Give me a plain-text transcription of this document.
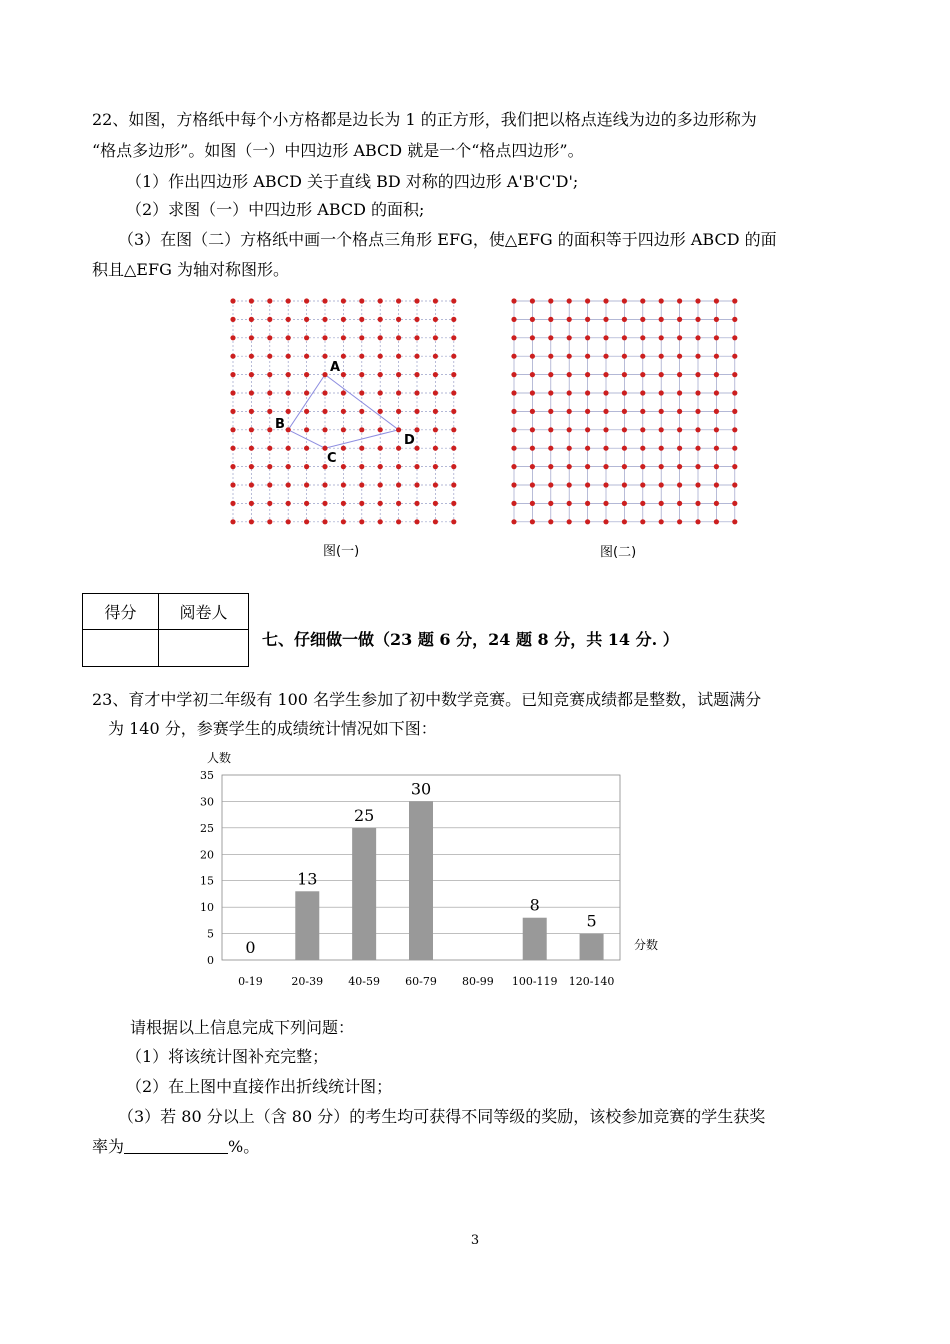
22、如图，方格纸中每个小方格都是边长为 1 的正方形，我们把以格点连线为边的多边形称为
“格点多边形”。如图（一）中四边形 ABCD 就是一个“格点四边形”。
（1）作出四边形 ABCD 关于直线 BD 对称的四边形 A'B'C'D';
（2）求图（一）中四边形 ABCD 的面积;
（3）在图（二）方格纸中画一个格点三角形 EFG，使△EFG 的面积等于四边形 ABCD 的面
积且△EFG 为轴对称图形。
A
B
C
D
图(一)	图(二)
得分	阅卷人

七、仔细做一做（23 题 6 分，24 题 8 分，共 14 分. ）
23、育才中学初二年级有 100 名学生参加了初中数学竞赛。已知竞赛成绩都是整数，试题满分
为 140 分，参赛学生的成绩统计情况如下图：
0
5
10
15
20
25
30
35
0-19	20-39 40-59 60-79 80-99 100-119 120-140
0
13
25
30
8
5
人数
分数
请根据以上信息完成下列问题：
（1）将该统计图补充完整；
（2）在上图中直接作出折线统计图；
（3）若 80 分以上（含 80 分）的考生均可获得不同等级的奖励，该校参加竞赛的学生获奖
率为	%。
3
